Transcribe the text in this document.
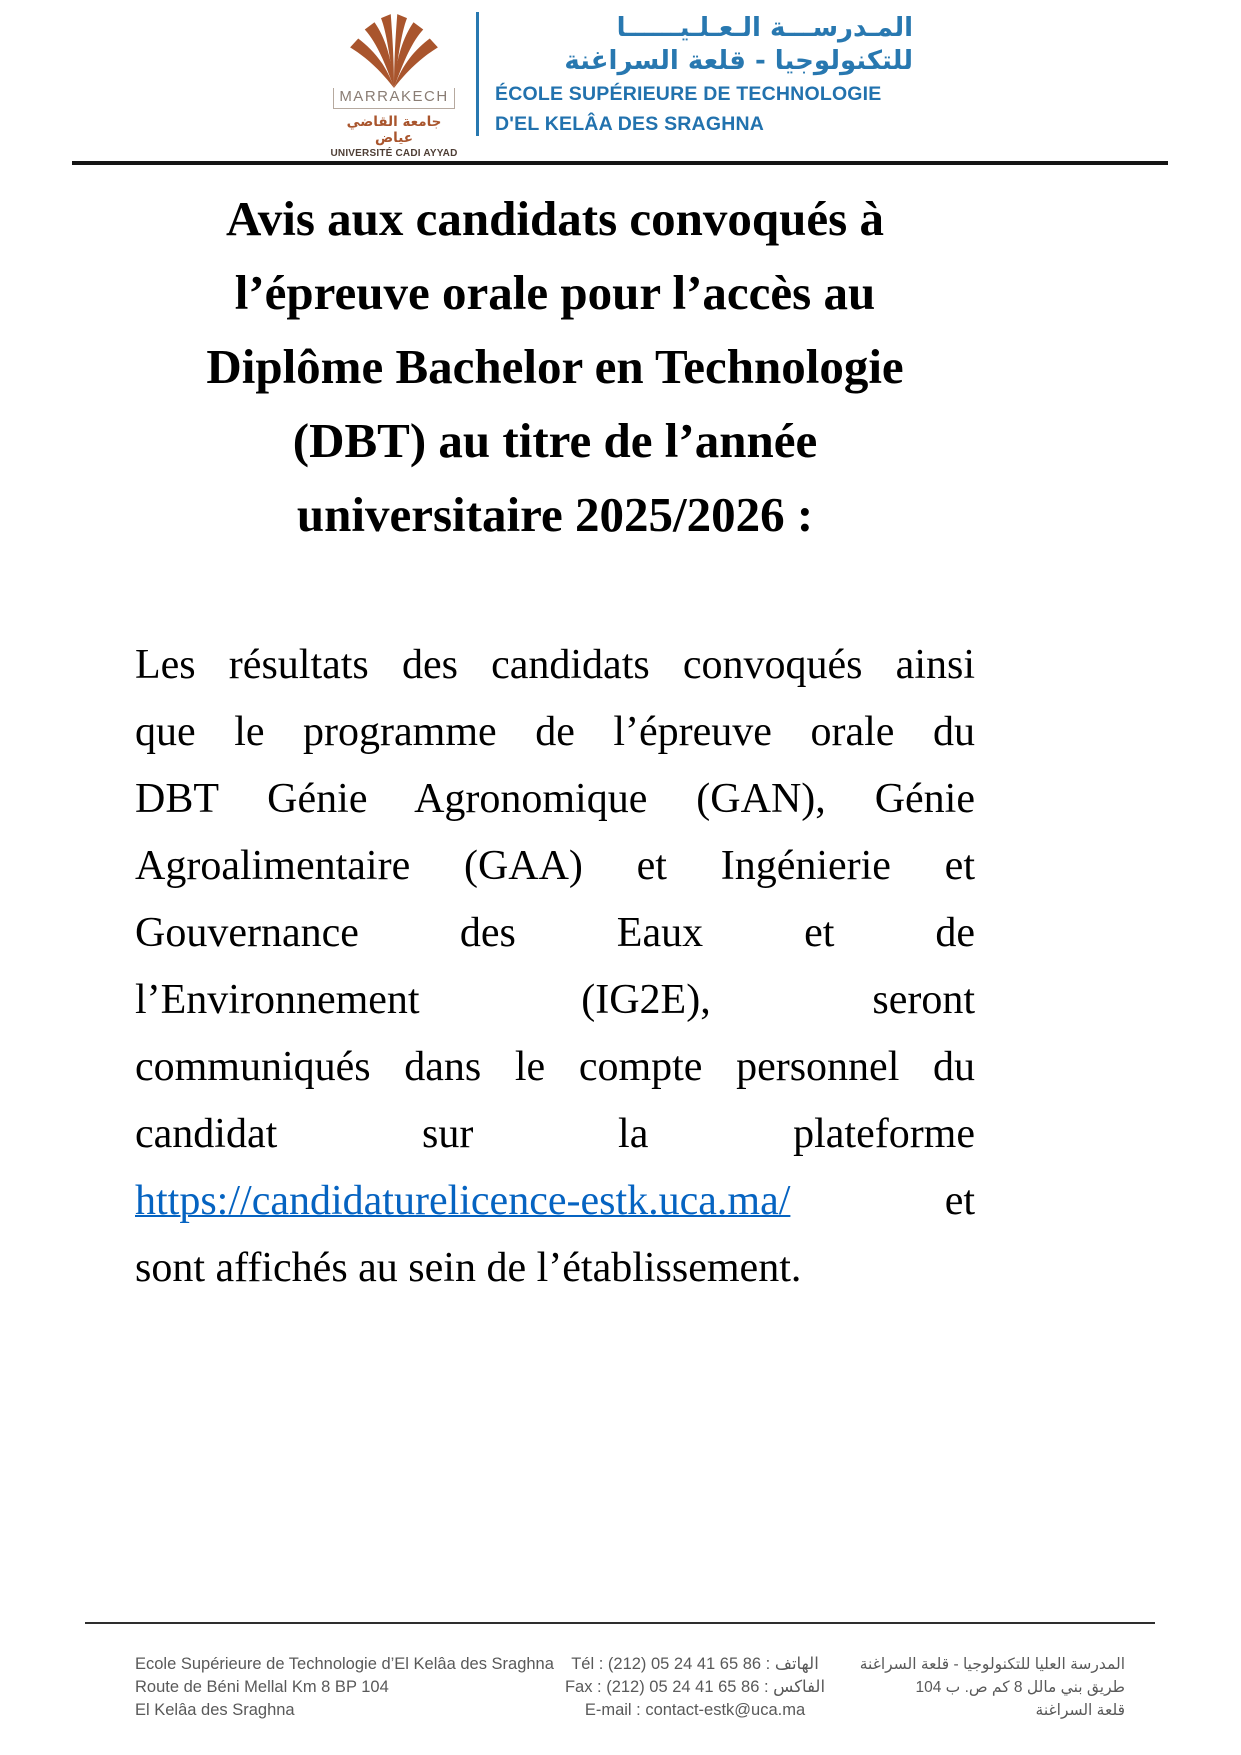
MARRAKECH
جامعة القاضي عياض
UNIVERSITÉ CADI AYYAD
المـدرســـة الـعـلـيــــــا
للتكنولوجيا - قلعة السراغنة
ÉCOLE SUPÉRIEURE DE TECHNOLOGIE
D'EL KELÂA DES SRAGHNA
Avis aux candidats convoqués à
l’épreuve orale pour l’accès au
Diplôme Bachelor en Technologie
(DBT) au titre de l’année
universitaire 2025/2026 :
Les résultats des candidats convoqués ainsi
que le programme de l’épreuve orale du
DBT Génie Agronomique (GAN), Génie
Agroalimentaire (GAA) et Ingénierie et
Gouvernance des Eaux et de
l’Environnement (IG2E), seront
communiqués dans le compte personnel du
candidat sur la plateforme
https://candidaturelicence-estk.uca.ma/	et
sont affichés au sein de l’établissement.
Ecole Supérieure de Technologie d’El Kelâa des Sraghna
Route de Béni Mellal Km 8 BP 104
El Kelâa des Sraghna
Tél : (212) 05 24 41 65 86 : الهاتف
Fax : (212) 05 24 41 65 86 : الفاكس
E-mail : contact-estk@uca.ma
المدرسة العليا للتكنولوجيا - قلعة السراغنة
طريق بني مالل 8 كم ص. ب 104
قلعة السراغنة
